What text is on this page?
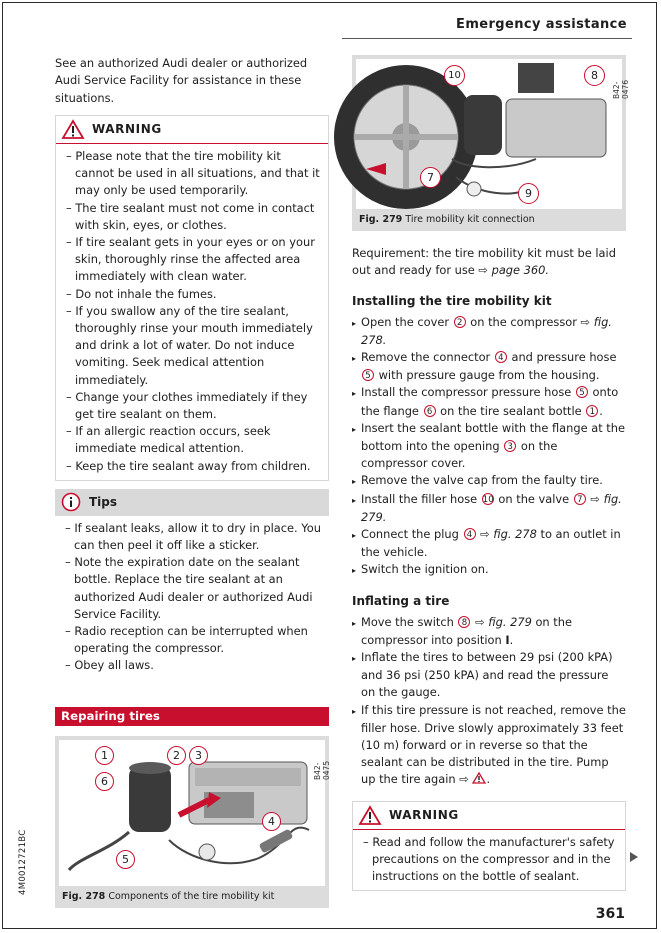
Emergency assistance

See an authorized Audi dealer or authorized Audi Service Facility for assistance in these situations.

WARNING
– Please note that the tire mobility kit cannot be used in all situations, and that it may only be used temporarily.
– The tire sealant must not come in contact with skin, eyes, or clothes.
– If tire sealant gets in your eyes or on your skin, thoroughly rinse the affected area immediately with clean water.
– Do not inhale the fumes.
– If you swallow any of the tire sealant, thoroughly rinse your mouth immediately and drink a lot of water. Do not induce vomiting. Seek medical attention immediately.
– Change your clothes immediately if they get tire sealant on them.
– If an allergic reaction occurs, seek immediate medical attention.
– Keep the tire sealant away from children.
Tips
– If sealant leaks, allow it to dry in place. You can then peel it off like a sticker.
– Note the expiration date on the sealant bottle. Replace the tire sealant at an authorized Audi dealer or authorized Audi Service Facility.
– Radio reception can be interrupted when operating the compressor.
– Obey all laws.
Repairing tires
1
6
2	3
4
5
B42-0475
Fig. 278 Components of the tire mobility kit
10	8
7
9
B42-0476
Fig. 279 Tire mobility kit connection

Requirement: the tire mobility kit must be laid out and ready for use ⇨ page 360.

Installing the tire mobility kit
▸ Open the cover 2 on the compressor ⇨ fig. 278.
▸ Remove the connector 4 and pressure hose 5 with pressure gauge from the housing.
▸ Install the compressor pressure hose 5 onto the flange 6 on the tire sealant bottle 1 .
▸ Insert the sealant bottle with the flange at the bottom into the opening 3 on the compressor cover.
▸ Remove the valve cap from the faulty tire.
▸ Install the filler hose 10 on the valve 7 ⇨ fig. 279.
▸ Connect the plug 4 ⇨ fig. 278 to an outlet in the vehicle.
▸ Switch the ignition on.
Inflating a tire
▸ Move the switch 8 ⇨ fig. 279 on the compressor into position I.
▸ Inflate the tires to between 29 psi (200 kPA) and 36 psi (250 kPA) and read the pressure on the gauge.
▸ If this tire pressure is not reached, remove the filler hose. Drive slowly approximately 33 feet (10 m) forward or in reverse so that the sealant can be distributed in the tire. Pump up the tire again ⇨ .
WARNING
– Read and follow the manufacturer's safety precautions on the compressor and in the instructions on the bottle of sealant.
4M0012721BC
361
